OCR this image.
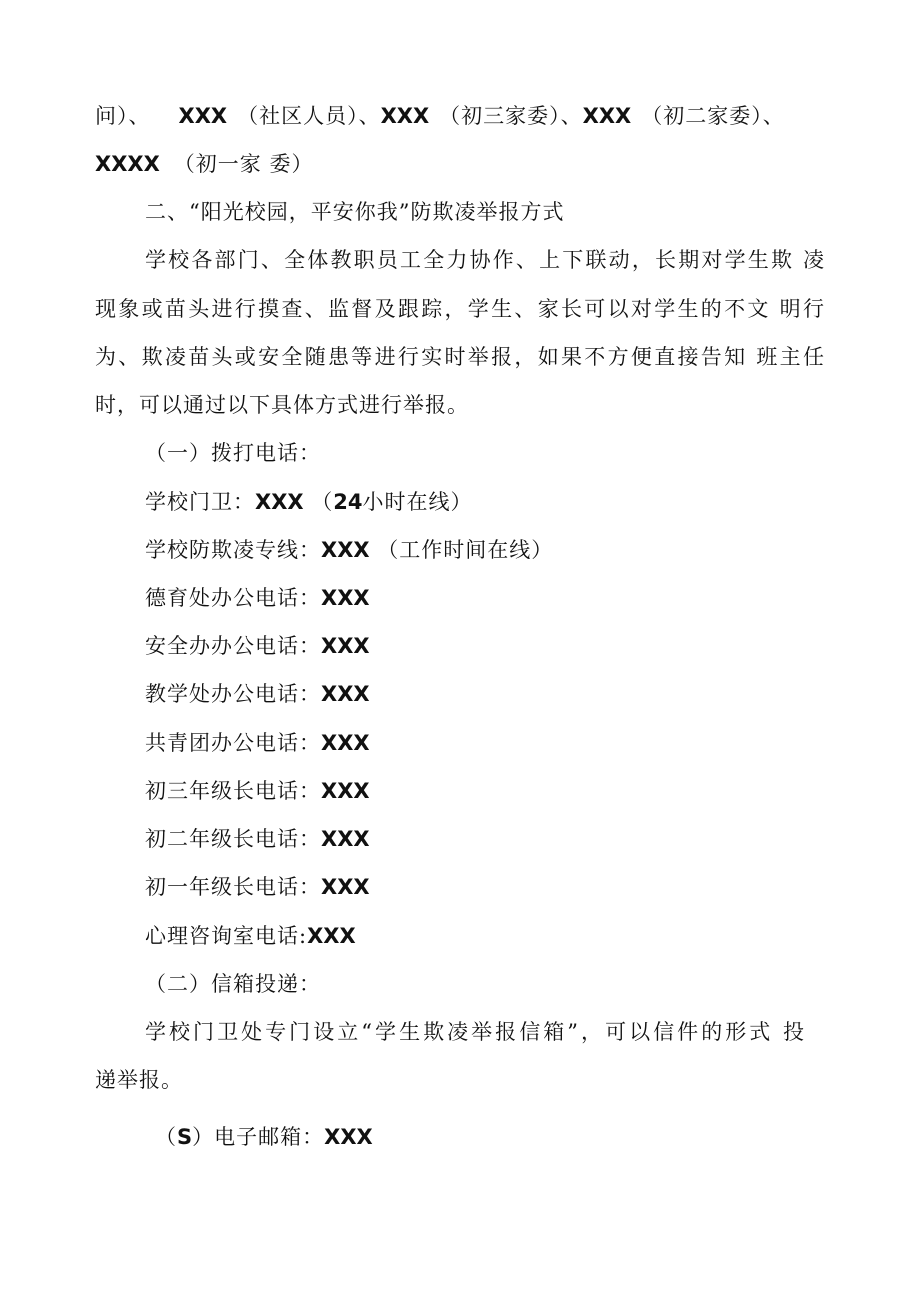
问）、 XXX （社区人员）、XXX （初三家委）、XXX （初二家委）、
XXXX （初一家 委）
二、“阳光校园，平安你我”防欺凌举报方式
学校各部门、全体教职员工全力协作、上下联动，长期对学生欺 凌
现象或苗头进行摸查、监督及跟踪，学生、家长可以对学生的不文 明行
为、欺凌苗头或安全随患等进行实时举报，如果不方便直接告知 班主任
时，可以通过以下具体方式进行举报。
（一）拨打电话：
学校门卫：XXX （24小时在线）
学校防欺凌专线：XXX （工作时间在线）
德育处办公电话：XXX
安全办办公电话：XXX
教学处办公电话：XXX
共青团办公电话：XXX
初三年级长电话：XXX
初二年级长电话：XXX
初一年级长电话：XXX
心理咨询室电话:XXX
（二）信箱投递：
学校门卫处专门设立“学生欺凌举报信箱”，可以信件的形式 投
递举报。
（S）电子邮箱：XXX
